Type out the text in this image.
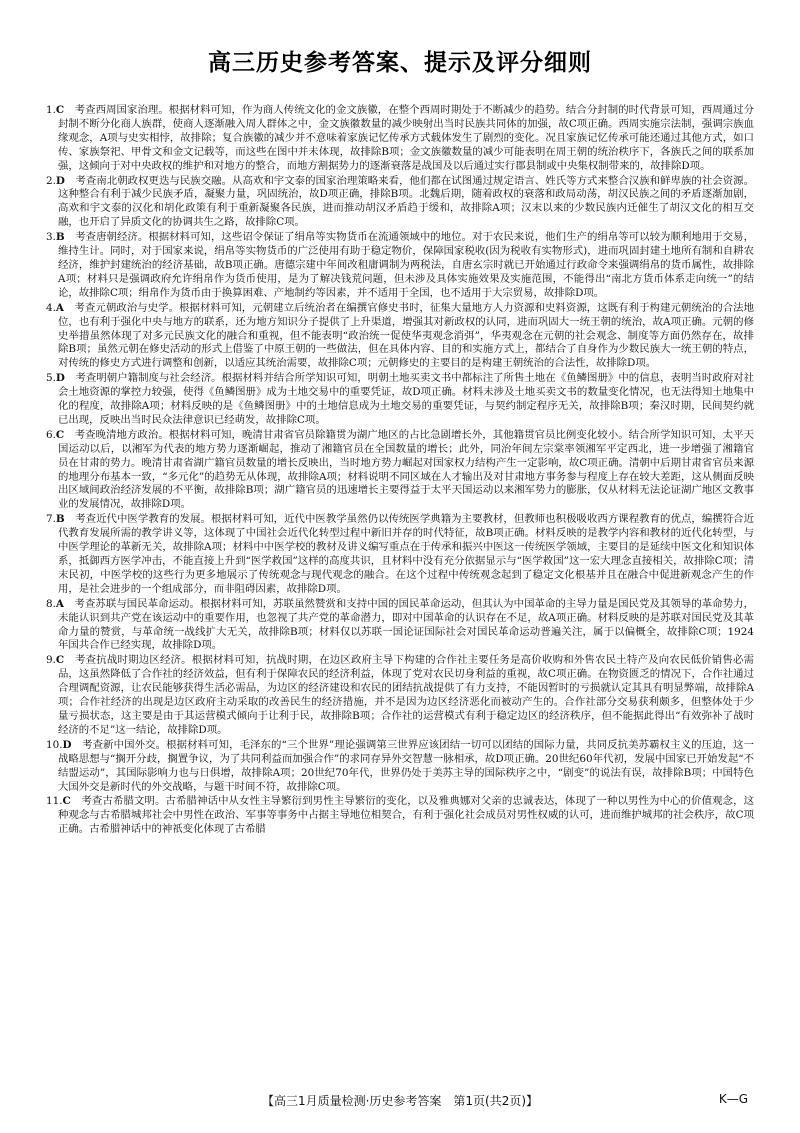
高三历史参考答案、提示及评分细则

1.C　 考查西周国家治理。根据材料可知，作为商人传统文化的金文族徽，在整个西周时期处于不断减少的趋势。结合分封制的时代背景可知，西周通过分封制不断分化商人族群，使商人逐渐融入周人群体之中，金文族徽数量的减少映射出当时民族共同体的加强，故C项正确。西周实施宗法制，强调宗族血缘观念，A项与史实相悖，故排除；复合族徽的减少并不意味着家族记忆传承方式载体发生了剧烈的变化。况且家族记忆传承可能还通过其他方式，如口传、家族祭祀、甲骨文和金文记载等，而这些在图中并未体现，故排除B项；金文族徽数量的减少可能表明在周王朝的统治秩序下，各族氏之间的联系加强，这倾向于对中央政权的维护和对地方的整合，而地方割据势力的逐渐衰落是战国及以后通过实行郡县制或中央集权制带来的，故排除D项。

2.D　 考查南北朝政权更迭与民族交融。从高欢和宇文泰的国家治理策略来看，他们都在试图通过规定语言、姓氏等方式来整合汉族和鲜卑族的社会资源。这种整合有利于减少民族矛盾，凝聚力量，巩固统治，故D项正确，排除B项。北魏后期，随着政权的衰落和政局动荡，胡汉民族之间的矛盾逐渐加剧，高欢和宇文泰的汉化和胡化政策有利于重新凝聚各民族，进而推动胡汉矛盾趋于缓和，故排除A项；汉末以来的少数民族内迁催生了胡汉文化的相互交融，也开启了异质文化的协调共生之路，故排除C项。

3.B　 考查唐朝经济。根据材料可知，这些诏令保证了绢帛等实物货币在流通领域中的地位。对于农民来说，他们生产的绢帛等可以较为顺利地用于交易，维持生计。同时，对于国家来说，绢帛等实物货币的广泛使用有助于稳定物价，保障国家税收(因为税收有实物形式)，进而巩固封建土地所有制和自耕农经济，维护封建统治的经济基础，故B项正确。唐德宗建中年间改租庸调制为两税法，自唐玄宗时就已开始通过行政命令来强调绢帛的货币属性，故排除A项；材料只是强调政府允许绢帛作为货币使用，是为了解决钱荒问题，但未涉及具体实施效果及实施范围，不能得出“南北方货币体系走向统一”的结论，故排除C项；绢帛作为货币由于换算困难、产地制约等因素，并不适用于全国，也不适用于大宗贸易，故排除D项。

4.A　 考查元朝政治与史学。根据材料可知，元朝建立后统治者在编撰官修史书时，征集大量地方人力资源和史料资源，这既有利于构建元朝统治的合法地位，也有利于强化中央与地方的联系，还为地方知识分子提供了上升渠道，增强其对新政权的认同，进而巩固大一统王朝的统治，故A项正确。元朝的修史举措虽然体现了对多元民族文化的融合和重视，但不能表明“政治统一促使华夷观念消弭”，华夷观念在元朝的社会观念、制度等方面仍然存在，故排除B项；虽然元朝在修史活动的形式上借鉴了中原王朝的一些做法，但在具体内容、目的和实施方式上，都结合了自身作为少数民族大一统王朝的特点，对传统的修史方式进行调整和创新，以适应其统治需要，故排除C项；元朝修史的主要目的是构建王朝统治的合法性，故排除D项。

5.D　 考查明朝户籍制度与社会经济。根据材料并结合所学知识可知，明朝土地买卖文书中都标注了所售土地在《鱼鳞图册》中的信息，表明当时政府对社会土地资源的掌控力较强，使得《鱼鳞图册》成为土地交易中的重要凭证，故D项正确。材料未涉及土地买卖文书的数量变化情况，也无法得知土地集中化的程度，故排除A项；材料反映的是《鱼鳞图册》中的土地信息成为土地交易的重要凭证，与契约制定程序无关，故排除B项；秦汉时期，民间契约就已出现，反映出当时民众法律意识已经萌发，故排除C项。

6.C　 考查晚清地方政治。根据材料可知，晚清甘肃省官员除籍贯为湖广地区的占比急剧增长外，其他籍贯官员比例变化较小。结合所学知识可知，太平天国运动以后，以湘军为代表的地方势力逐渐崛起，推动了湘籍官员在全国数量的增长；此外，同治年间左宗棠率领湘军平定西北，进一步增强了湘籍官员在甘肃的势力。晚清甘肃省湖广籍官员数量的增长反映出，当时地方势力崛起对国家权力结构产生一定影响，故C项正确。清朝中后期甘肃省官员来源的地理分布基本一致，“多元化”的趋势无从体现，故排除A项；材料说明不同区域在人才输出及对甘肃地方事务参与程度上存在较大差距，这从侧面反映出区域间政治经济发展的不平衡，故排除B项；湖广籍官员的迅速增长主要得益于太平天国运动以来湘军势力的膨胀，仅从材料无法论证湖广地区文教事业的发展情况，故排除D项。

7.B　 考查近代中医学教育的发展。根据材料可知，近代中医教学虽然仍以传统医学典籍为主要教材，但教师也积极吸收西方课程教育的优点，编撰符合近代教育发展所需的教学讲义等，这体现了中国社会近代化转型过程中新旧并存的时代特征，故B项正确。材料反映的是教学内容和教材的近代化转型，与中医学理论的革新无关，故排除A项；材料中中医学校的教材及讲义编写重点在于传承和振兴中医这一传统医学领域，主要目的是延续中医文化和知识体系，抵御西方医学冲击，不能直接上升到“医学救国”这样的高度共识，且材料中没有充分依据显示与“医学救国”这一宏大理念直接相关，故排除C项；清末民初，中医学校的这些行为更多地展示了传统观念与现代观念的融合。在这个过程中传统观念起到了稳定文化根基并且在融合中促进新观念产生的作用，是社会进步的一个组成部分，而非阻碍因素，故排除D项。

8.A　 考查苏联与国民革命运动。根据材料可知，苏联虽然赞赏和支持中国的国民革命运动，但其认为中国革命的主导力量是国民党及其领导的革命势力，未能认识到共产党在该运动中的重要作用，也忽视了共产党的革命潜力，即对中国革命的认识存在不足，故A项正确。材料反映的是苏联对国民党及其革命力量的赞赏，与革命统一战线扩大无关，故排除B项；材料仅以苏联一国论证国际社会对国民革命运动普遍关注，属于以偏概全，故排除C项；1924年国共合作已经实现，故排除D项。

9.C　 考查抗战时期边区经济。根据材料可知，抗战时期，在边区政府主导下构建的合作社主要任务是高价收购和外售农民土特产及向农民低价销售必需品，这虽然降低了合作社的经济效益，但有利于保障农民的经济利益，体现了党对农民切身利益的重视，故C项正确。在物资匮乏的情况下，合作社通过合理调配资源，让农民能够获得生活必需品，为边区的经济建设和农民的团结抗战提供了有力支持，不能因暂时的亏损就认定其具有明显弊端，故排除A项；合作社经济的出现是边区政府主动采取的改善民生的经济措施，并不是因为边区经济恶化而被动产生的。合作社部分交易获利颇多，但整体处于少量亏损状态，这主要是由于其运营模式倾向于让利于民，故排除B项；合作社的运营模式有利于稳定边区的经济秩序，但不能据此得出“有效弥补了战时经济的不足”这一结论，故排除D项。

10.D　 考查新中国外交。根据材料可知，毛泽东的“三个世界”理论强调第三世界应该团结一切可以团结的国际力量，共同反抗美苏霸权主义的压迫，这一战略思想与“搁开分歧，搁置争议，为了共同利益而加强合作”的求同存异外交智慧一脉相承，故D项正确。20世纪60年代初，发展中国家已开始发起“不结盟运动”，其国际影响力也与日俱增，故排除A项；20世纪70年代，世界仍处于美苏主导的国际秩序之中，“剧变”的说法有误，故排除B项；中国特色大国外交是新时代的外交战略，与题干时间不符，故排除C项。

11.C　 考查古希腊文明。古希腊神话中从女性主导繁衍到男性主导繁衍的变化，以及雅典娜对父亲的忠诚表达，体现了一种以男性为中心的价值观念，这种观念与古希腊城邦社会中男性在政治、军事等事务中占据主导地位相契合，有利于强化社会成员对男性权威的认可，进而维护城邦的社会秩序，故C项正确。古希腊神话中的神祇变化体现了古希腊

【高三1月质量检测·历史参考答案　第1页(共2页)】	K—G
